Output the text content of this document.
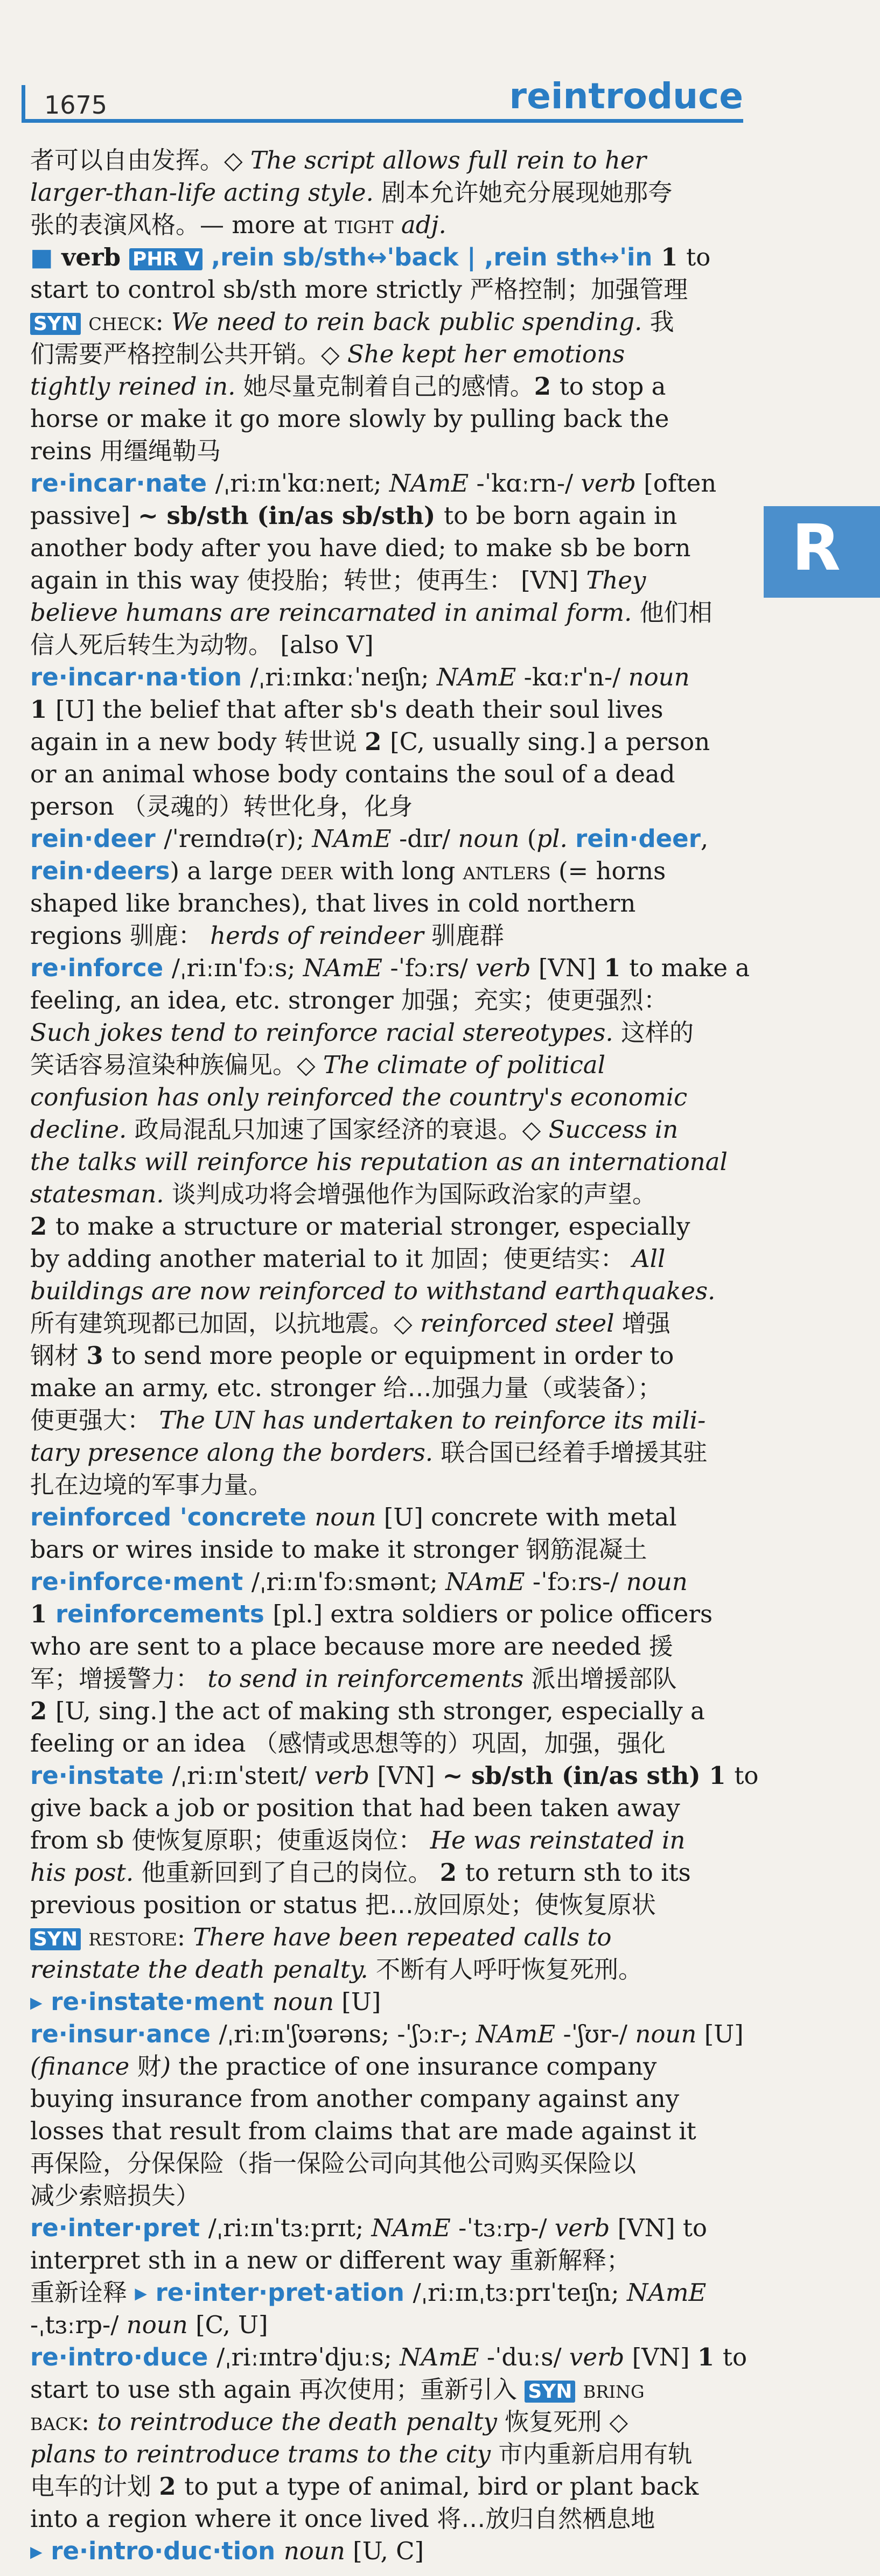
1675	reintroduce
R
者可以自由发挥。◇ The script allows full rein to her
larger-than-life acting style. 剧本允许她充分展现她那夸
张的表演风格。— more at tight adj.
■ verb PHR V ,rein sb/sth↔'back | ,rein sth↔'in 1 to
start to control sb/sth more strictly 严格控制；加强管理
SYN check: We need to rein back public spending. 我
们需要严格控制公共开销。◇ She kept her emotions
tightly reined in. 她尽量克制着自己的感情。2 to stop a
horse or make it go more slowly by pulling back the
reins 用缰绳勒马
re·incar·nate /ˌriːɪnˈkɑːneɪt; NAmE -ˈkɑːrn-/ verb [often
passive] ~ sb/sth (in/as sb/sth) to be born again in
another body after you have died; to make sb be born
again in this way 使投胎；转世；使再生： [VN] They
believe humans are reincarnated in animal form. 他们相
信人死后转生为动物。 [also V]
re·incar·na·tion /ˌriːɪnkɑːˈneɪʃn; NAmE -kɑːrˈn-/ noun
1 [U] the belief that after sb's death their soul lives
again in a new body 转世说 2 [C, usually sing.] a person
or an animal whose body contains the soul of a dead
person （灵魂的）转世化身，化身
rein·deer /ˈreɪndɪə(r); NAmE -dɪr/ noun (pl. rein·deer,
rein·deers) a large deer with long antlers (= horns
shaped like branches), that lives in cold northern
regions 驯鹿： herds of reindeer 驯鹿群
re·inforce /ˌriːɪnˈfɔːs; NAmE -ˈfɔːrs/ verb [VN] 1 to make a
feeling, an idea, etc. stronger 加强；充实；使更强烈：
Such jokes tend to reinforce racial stereotypes. 这样的
笑话容易渲染种族偏见。◇ The climate of political
confusion has only reinforced the country's economic
decline. 政局混乱只加速了国家经济的衰退。◇ Success in
the talks will reinforce his reputation as an international
statesman. 谈判成功将会增强他作为国际政治家的声望。
2 to make a structure or material stronger, especially
by adding another material to it 加固；使更结实： All
buildings are now reinforced to withstand earthquakes.
所有建筑现都已加固，以抗地震。◇ reinforced steel 增强
钢材 3 to send more people or equipment in order to
make an army, etc. stronger 给…加强力量（或装备）；
使更强大： The UN has undertaken to reinforce its mili-
tary presence along the borders. 联合国已经着手增援其驻
扎在边境的军事力量。
reinforced 'concrete noun [U] concrete with metal
bars or wires inside to make it stronger 钢筋混凝土
re·inforce·ment /ˌriːɪnˈfɔːsmənt; NAmE -ˈfɔːrs-/ noun
1 reinforcements [pl.] extra soldiers or police officers
who are sent to a place because more are needed 援
军；增援警力： to send in reinforcements 派出增援部队
2 [U, sing.] the act of making sth stronger, especially a
feeling or an idea （感情或思想等的）巩固，加强，强化
re·instate /ˌriːɪnˈsteɪt/ verb [VN] ~ sb/sth (in/as sth) 1 to
give back a job or position that had been taken away
from sb 使恢复原职；使重返岗位： He was reinstated in
his post. 他重新回到了自己的岗位。 2 to return sth to its
previous position or status 把…放回原处；使恢复原状
SYN restore: There have been repeated calls to
reinstate the death penalty. 不断有人呼吁恢复死刑。
▸ re·instate·ment noun [U]
re·insur·ance /ˌriːɪnˈʃʊərəns; -ˈʃɔːr-; NAmE -ˈʃʊr-/ noun [U]
(finance 财) the practice of one insurance company
buying insurance from another company against any
losses that result from claims that are made against it
再保险，分保保险（指一保险公司向其他公司购买保险以
减少索赔损失）
re·inter·pret /ˌriːɪnˈtɜːprɪt; NAmE -ˈtɜːrp-/ verb [VN] to
interpret sth in a new or different way 重新解释；
重新诠释 ▸ re·inter·pret·ation /ˌriːɪnˌtɜːprɪˈteɪʃn; NAmE
-ˌtɜːrp-/ noun [C, U]
re·intro·duce /ˌriːɪntrəˈdjuːs; NAmE -ˈduːs/ verb [VN] 1 to
start to use sth again 再次使用；重新引入 SYN bring
back: to reintroduce the death penalty 恢复死刑 ◇
plans to reintroduce trams to the city 市内重新启用有轨
电车的计划 2 to put a type of animal, bird or plant back
into a region where it once lived 将…放归自然栖息地
▸ re·intro·duc·tion noun [U, C]
